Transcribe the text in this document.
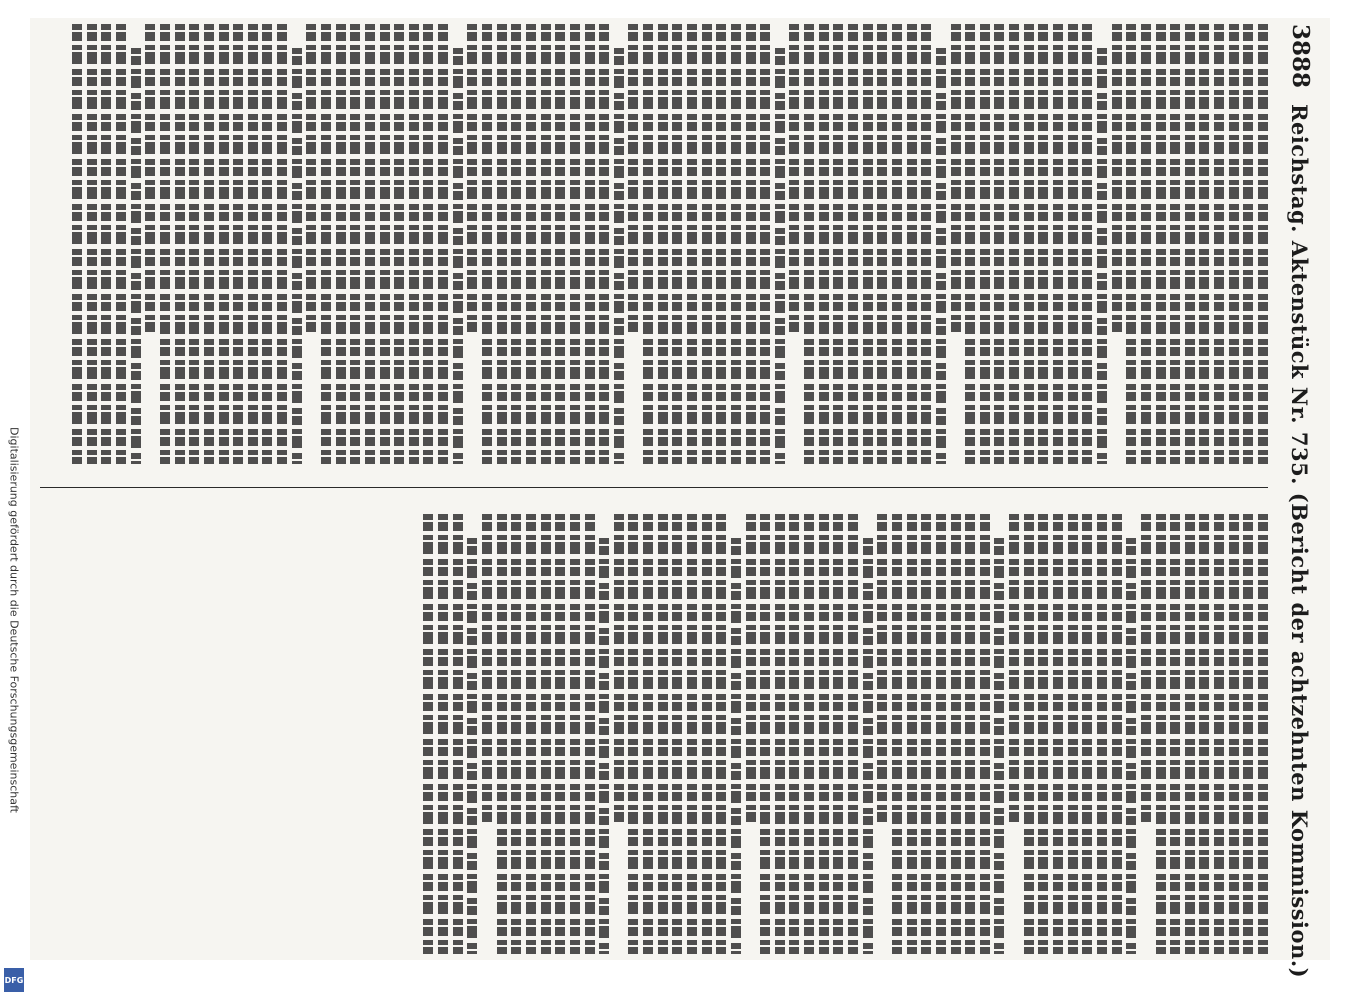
Digitalisierung gefördert durch die Deutsche Forschungsgemeinschaft
DFG
3888
Reichstag. Aktenstück Nr. 735. (Bericht der achtzehnten Kommission.)
